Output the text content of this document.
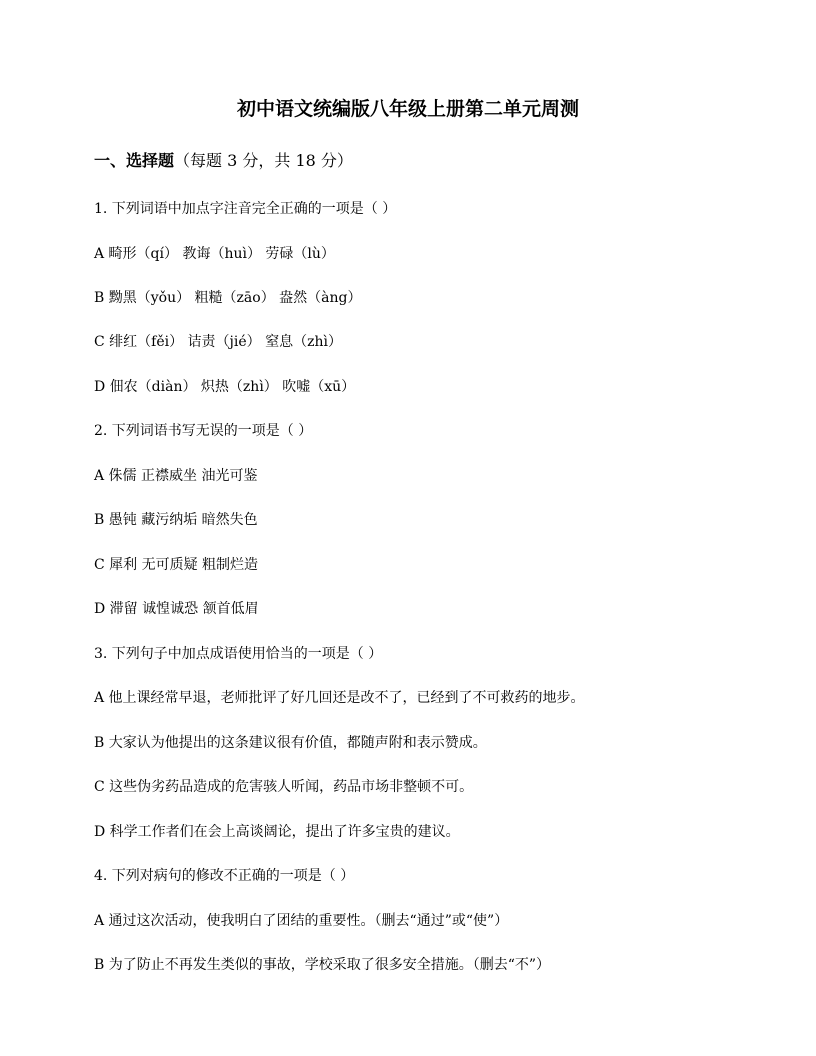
初中语文统编版八年级上册第二单元周测
一、选择题（每题 3 分，共 18 分）
1. 下列词语中加点字注音完全正确的一项是（ ）
A 畸形（qí） 教诲（huì） 劳碌（lù）
B 黝黑（yǒu） 粗糙（zāo） 盎然（àng）
C 绯红（fěi） 诘责（jié） 窒息（zhì）
D 佃农（diàn） 炽热（zhì） 吹嘘（xū）
2. 下列词语书写无误的一项是（ ）
A 侏儒 正襟威坐 油光可鉴
B 愚钝 藏污纳垢 暗然失色
C 犀利 无可质疑 粗制烂造
D 滞留 诚惶诚恐 颔首低眉
3. 下列句子中加点成语使用恰当的一项是（ ）
A 他上课经常早退，老师批评了好几回还是改不了，已经到了不可救药的地步。
B 大家认为他提出的这条建议很有价值，都随声附和表示赞成。
C 这些伪劣药品造成的危害骇人听闻，药品市场非整顿不可。
D 科学工作者们在会上高谈阔论，提出了许多宝贵的建议。
4. 下列对病句的修改不正确的一项是（ ）
A 通过这次活动，使我明白了团结的重要性。（删去“通过”或“使”）
B 为了防止不再发生类似的事故，学校采取了很多安全措施。（删去“不”）
